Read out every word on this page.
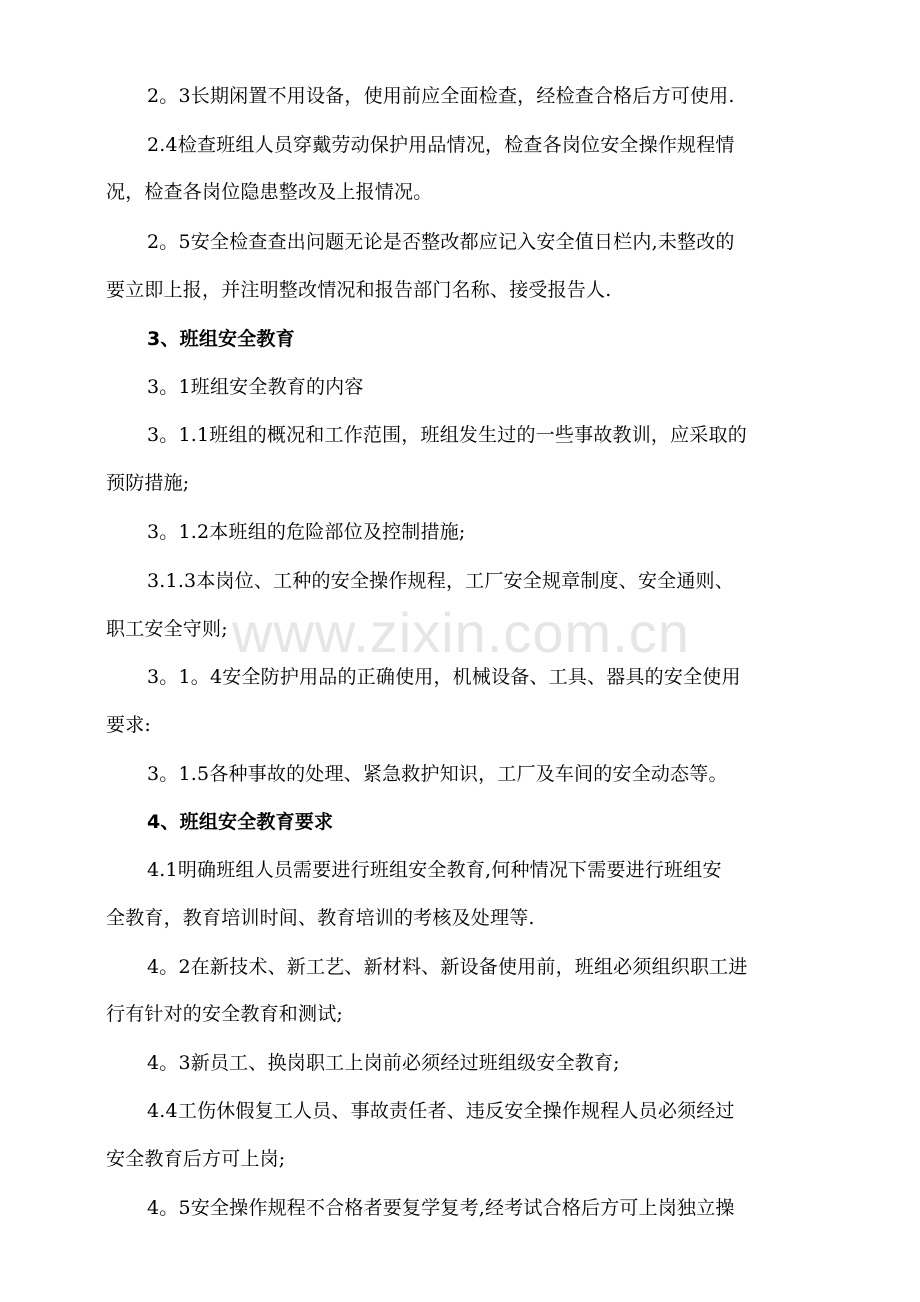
www.zixin.com.cn
2。3长期闲置不用设备，使用前应全面检查，经检查合格后方可使用.
2.4检查班组人员穿戴劳动保护用品情况，检查各岗位安全操作规程情
况，检查各岗位隐患整改及上报情况。
2。5安全检查查出问题无论是否整改都应记入安全值日栏内,未整改的
要立即上报，并注明整改情况和报告部门名称、接受报告人.
3、班组安全教育
3。1班组安全教育的内容
3。1.1班组的概况和工作范围，班组发生过的一些事故教训，应采取的
预防措施;
3。1.2本班组的危险部位及控制措施;
3.1.3本岗位、工种的安全操作规程，工厂安全规章制度、安全通则、
职工安全守则;
3。1。4安全防护用品的正确使用，机械设备、工具、器具的安全使用
要求:
3。1.5各种事故的处理、紧急救护知识，工厂及车间的安全动态等。
4、班组安全教育要求
4.1明确班组人员需要进行班组安全教育,何种情况下需要进行班组安
全教育，教育培训时间、教育培训的考核及处理等.
4。2在新技术、新工艺、新材料、新设备使用前，班组必须组织职工进
行有针对的安全教育和测试;
4。3新员工、换岗职工上岗前必须经过班组级安全教育;
4.4工伤休假复工人员、事故责任者、违反安全操作规程人员必须经过
安全教育后方可上岗;
4。5安全操作规程不合格者要复学复考,经考试合格后方可上岗独立操
